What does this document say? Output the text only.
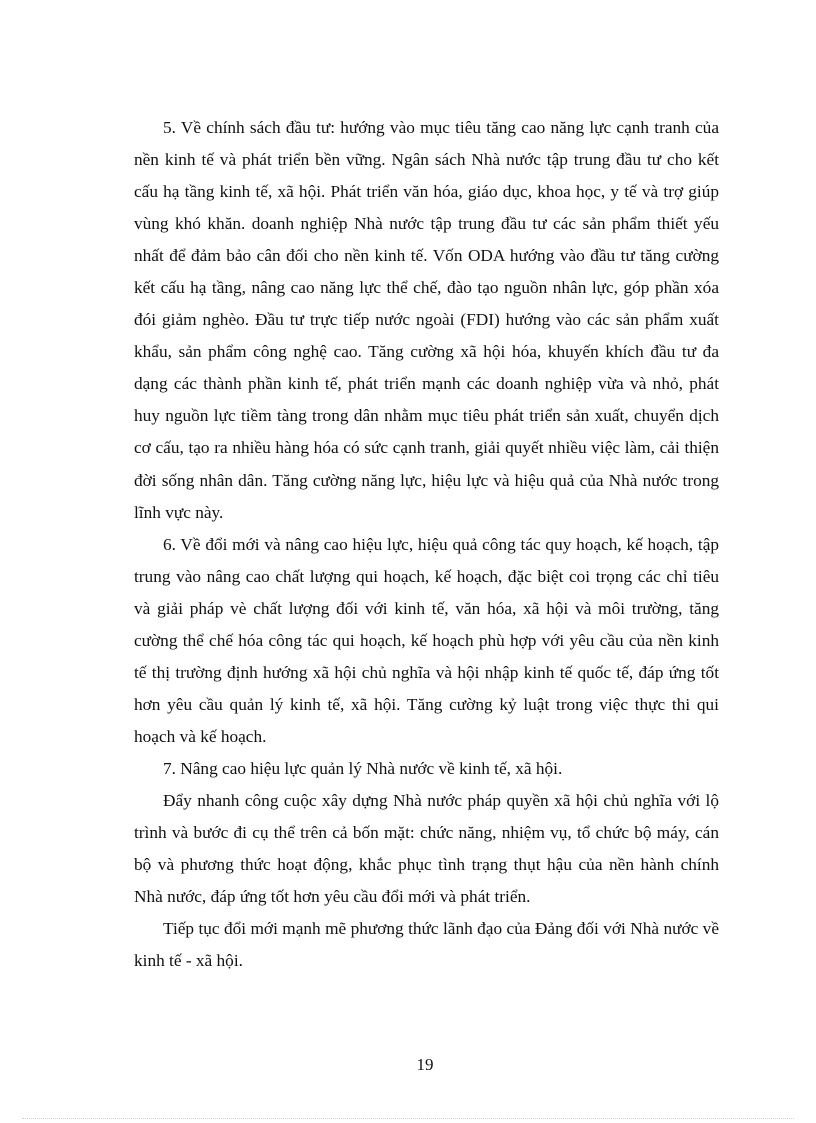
5. Về chính sách đầu tư: hướng vào mục tiêu tăng cao năng lực cạnh tranh của nền kinh tế và phát triển bền vững. Ngân sách Nhà nước tập trung đầu tư cho kết cấu hạ tầng kinh tế, xã hội. Phát triển văn hóa, giáo dục, khoa học, y tế và trợ giúp vùng khó khăn. doanh nghiệp Nhà nước tập trung đầu tư các sản phẩm thiết yếu nhất để đảm bảo cân đối cho nền kinh tế. Vốn ODA hướng vào đầu tư tăng cường kết cấu hạ tầng, nâng cao năng lực thể chế, đào tạo nguồn nhân lực, góp phần xóa đói giảm nghèo. Đầu tư trực tiếp nước ngoài (FDI) hướng vào các sản phẩm xuất khẩu, sản phẩm công nghệ cao. Tăng cường xã hội hóa, khuyến khích đầu tư đa dạng các thành phần kinh tế, phát triển mạnh các doanh nghiệp vừa và nhỏ, phát huy nguồn lực tiềm tàng trong dân nhằm mục tiêu phát triển sản xuất, chuyển dịch cơ cấu, tạo ra nhiều hàng hóa có sức cạnh tranh, giải quyết nhiều việc làm, cải thiện đời sống nhân dân. Tăng cường năng lực, hiệu lực và hiệu quả của Nhà nước trong lĩnh vực này.

6. Về đổi mới và nâng cao hiệu lực, hiệu quả công tác quy hoạch, kế hoạch, tập trung vào nâng cao chất lượng qui hoạch, kế hoạch, đặc biệt coi trọng các chỉ tiêu và giải pháp vè chất lượng đối với kinh tế, văn hóa, xã hội và môi trường, tăng cường thể chế hóa công tác qui hoạch, kế hoạch phù hợp với yêu cầu của nền kinh tế thị trường định hướng xã hội chủ nghĩa và hội nhập kinh tế quốc tế, đáp ứng tốt hơn yêu cầu quản lý kinh tế, xã hội. Tăng cường kỷ luật trong việc thực thi qui hoạch và kế hoạch.

7. Nâng cao hiệu lực quản lý Nhà nước về kinh tế, xã hội.

Đẩy nhanh công cuộc xây dựng Nhà nước pháp quyền xã hội chủ nghĩa với lộ trình và bước đi cụ thể trên cả bốn mặt: chức năng, nhiệm vụ, tổ chức bộ máy, cán bộ và phương thức hoạt động, khắc phục tình trạng thụt hậu của nền hành chính Nhà nước, đáp ứng tốt hơn yêu cầu đổi mới và phát triển.

Tiếp tục đổi mới mạnh mẽ phương thức lãnh đạo của Đảng đối với Nhà nước về kinh tế - xã hội.

19
